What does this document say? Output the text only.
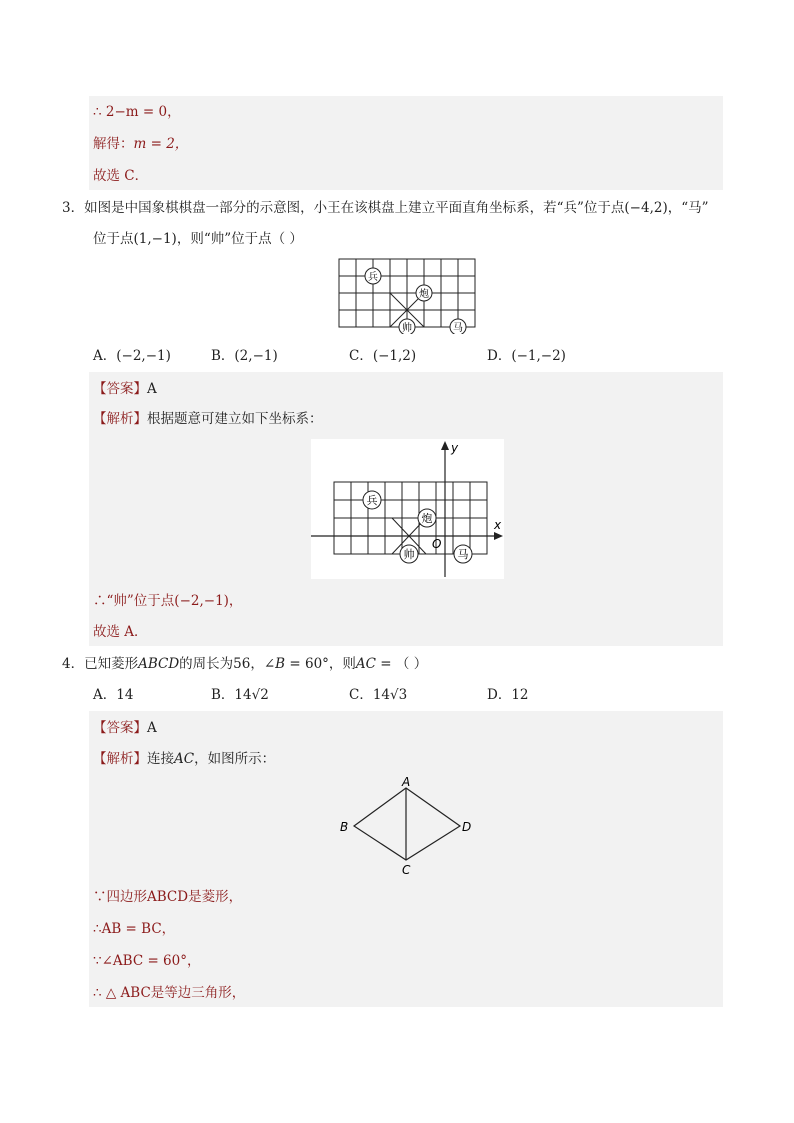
∴ 2−m = 0，
解得：m = 2，
故选 C．
3．如图是中国象棋棋盘一部分的示意图，小王在该棋盘上建立平面直角坐标系，若“兵”位于点(−4,2)，“马”
位于点(1,−1)，则“帅”位于点（ ）
兵
炮
帅	马
A．(−2,−1)	B．(2,−1)	C．(−1,2)	D．(−1,−2)
【答案】A
【解析】根据题意可建立如下坐标系：
x
y
O
兵
炮
帅	马
∴“帅”位于点(−2,−1)，
故选 A．
4．已知菱形ABCD的周长为56，∠B = 60°，则AC = （ ）
A．14	B．14√2	C．14√3	D．12
【答案】A
【解析】连接AC，如图所示：
A
B
C
D
∵四边形ABCD是菱形，
∴AB = BC，
∵∠ABC = 60°，
∴ △ ABC是等边三角形，
